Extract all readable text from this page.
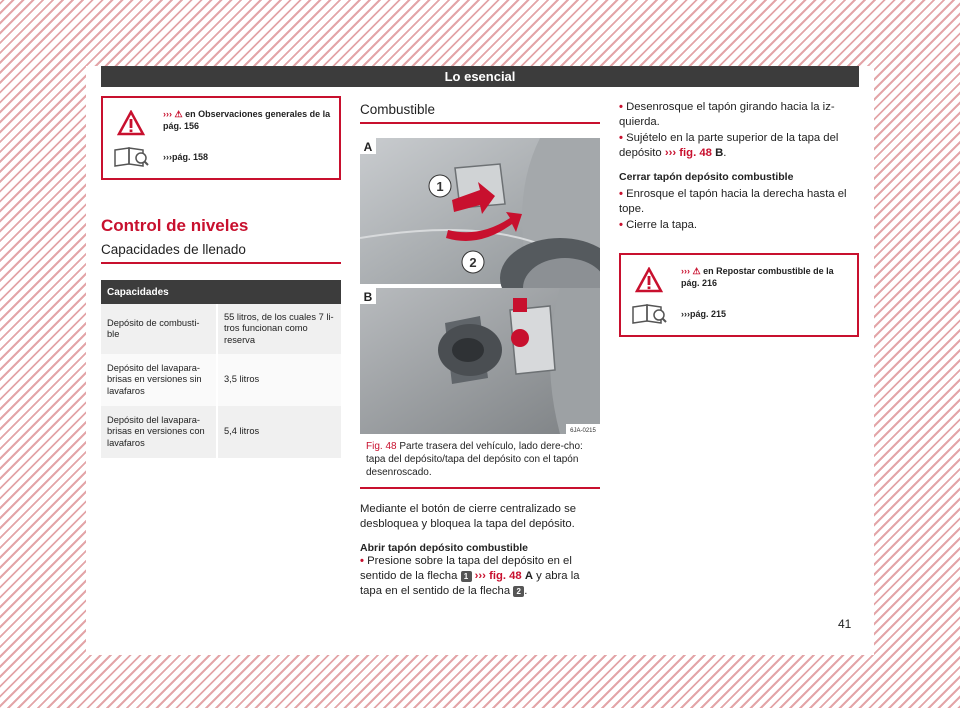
Lo esencial
››› ⚠ en Observaciones generales de la pág. 156
›››pág. 158
Control de niveles
Capacidades de llenado
Capacidades	
Depósito de combusti-ble	55 litros, de los cuales 7 li-tros funcionan como reserva
Depósito del lavapara-brisas en versiones sin lavafaros	3,5 litros
Depósito del lavapara-brisas en versiones con lavafaros	5,4 litros
Combustible
1
2
A
B
6JA-0215
Fig. 48 Parte trasera del vehículo, lado dere-cho: tapa del depósito/tapa del depósito con el tapón desenroscado.
Mediante el botón de cierre centralizado se desbloquea y bloquea la tapa del depósito.
Abrir tapón depósito combustible
• Presione sobre la tapa del depósito en el sentido de la flecha 1 ››› fig. 48 A y abra la tapa en el sentido de la flecha 2 .
• Desenrosque el tapón girando hacia la iz-quierda.
• Sujételo en la parte superior de la tapa del depósito ››› fig. 48 B.
Cerrar tapón depósito combustible
• Enrosque el tapón hacia la derecha hasta el tope.
• Cierre la tapa.
››› ⚠ en Repostar combustible de la pág. 216
›››pág. 215
41
